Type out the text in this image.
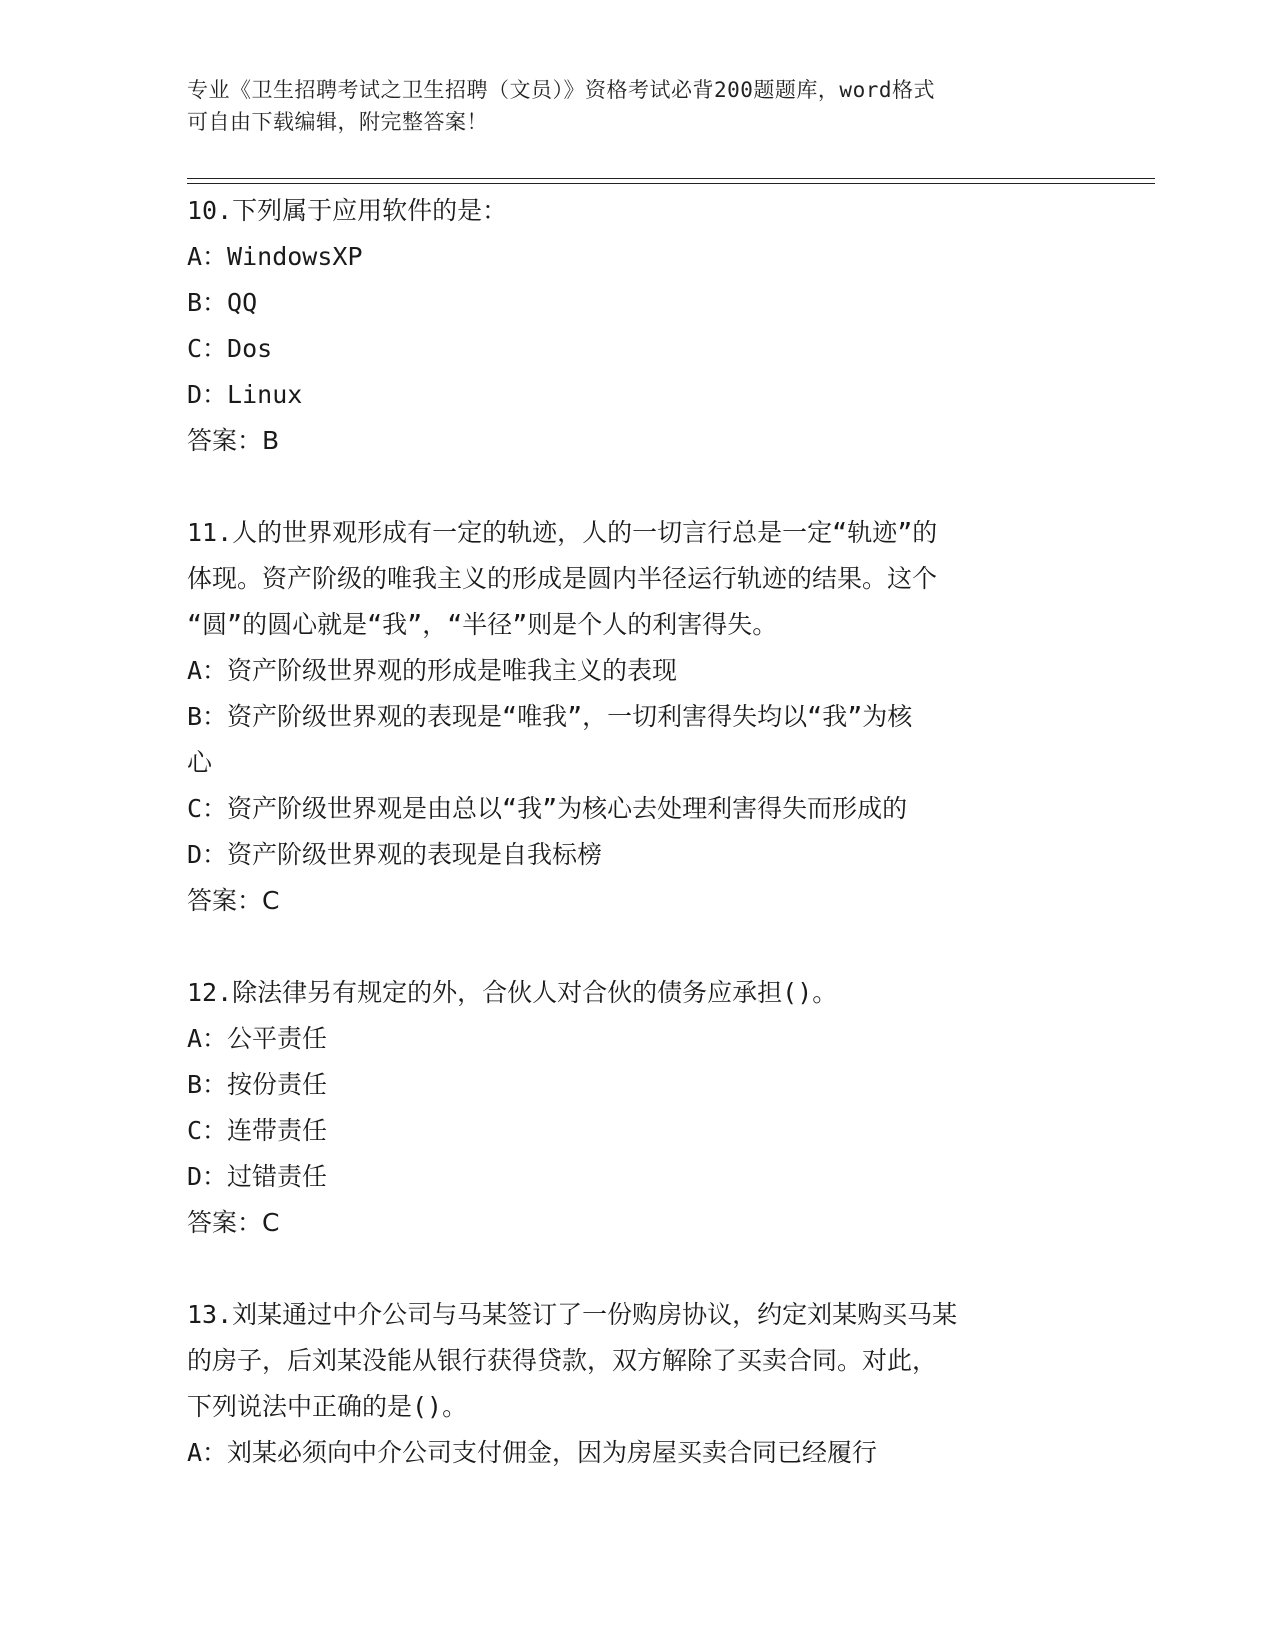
专业《卫生招聘考试之卫生招聘（文员）》资格考试必背200题题库，word格式
可自由下载编辑，附完整答案！
10.下列属于应用软件的是：
A：WindowsXP
B：QQ
C：Dos
D：Linux
答案：B
11.人的世界观形成有一定的轨迹，人的一切言行总是一定“轨迹”的
体现。资产阶级的唯我主义的形成是圆内半径运行轨迹的结果。这个
“圆”的圆心就是“我”，“半径”则是个人的利害得失。
A：资产阶级世界观的形成是唯我主义的表现
B：资产阶级世界观的表现是“唯我”，一切利害得失均以“我”为核
心
C：资产阶级世界观是由总以“我”为核心去处理利害得失而形成的
D：资产阶级世界观的表现是自我标榜
答案：C
12.除法律另有规定的外，合伙人对合伙的债务应承担()。
A：公平责任
B：按份责任
C：连带责任
D：过错责任
答案：C
13.刘某通过中介公司与马某签订了一份购房协议，约定刘某购买马某
的房子，后刘某没能从银行获得贷款，双方解除了买卖合同。对此，
下列说法中正确的是()。
A：刘某必须向中介公司支付佣金，因为房屋买卖合同已经履行
